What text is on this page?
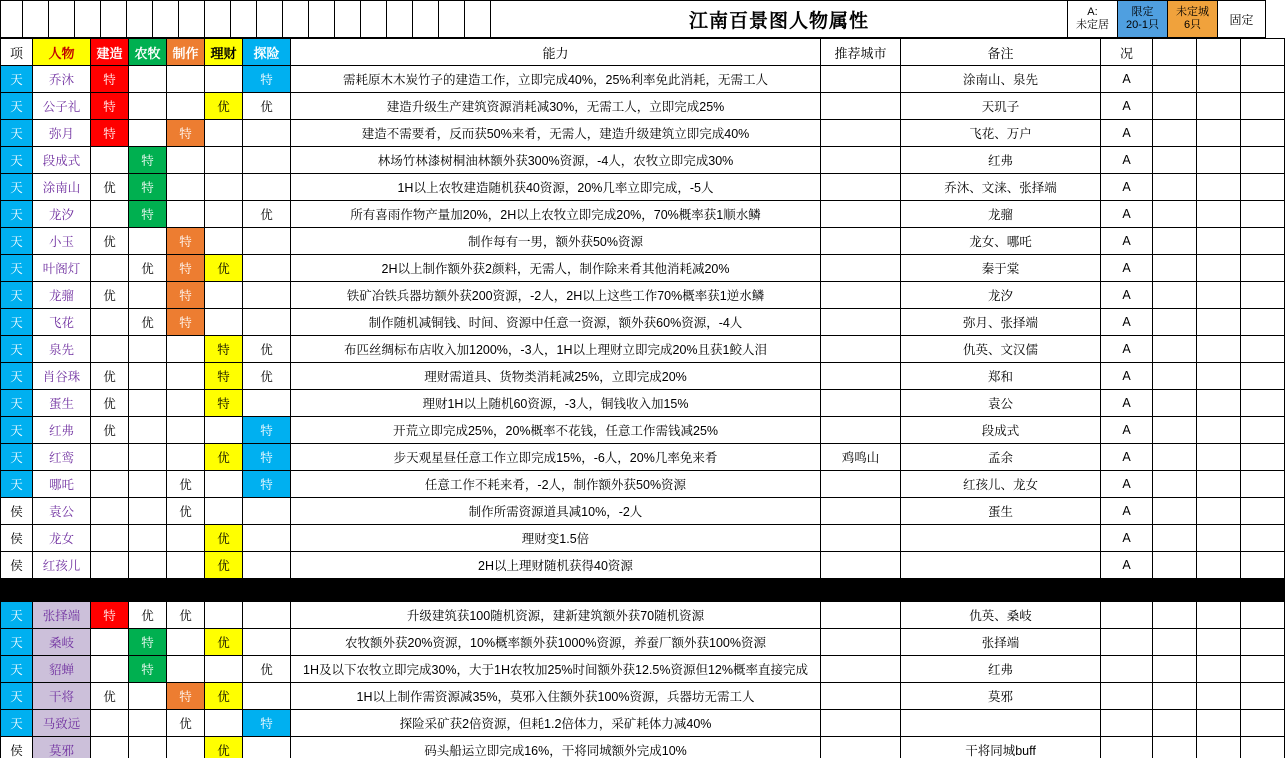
																			江南百景图人物属性	A:
未定居

限定
20-1只

未定城
6只	固定
项	人物	建造	农牧	制作	理财	探险	能力	推荐城市	备注	况			
天	乔沐	特				特	需耗原木木炭竹子的建造工作，立即完成40%，25%利率免此消耗，无需工人		涂南山、泉先	A			
天	公子礼	特			优	优	建造升级生产建筑资源消耗减30%，无需工人，立即完成25%		天玑子	A			
天	弥月	特		特			建造不需要肴，反而获50%来肴，无需人，建造升级建筑立即完成40%		飞花、万户	A			
天	段成式		特				林场竹林漆树桐油林额外获300%资源，-4人，农牧立即完成30%		红弗	A			
天	涂南山	优	特				1H以上农牧建造随机获40资源，20%几率立即完成，-5人		乔沐、文涞、张择端	A			
天	龙汐		特			优	所有喜雨作物产量加20%，2H以上农牧立即完成20%，70%概率获1顺水鳞		龙骝	A			
天	小玉	优		特			制作每有一男，额外获50%资源		龙女、哪吒	A			
天	叶阁灯		优	特	优		2H以上制作额外获2颜料，无需人，制作除来肴其他消耗减20%		秦于棠	A			
天	龙骝	优		特			铁矿冶铁兵器坊额外获200资源，-2人，2H以上这些工作70%概率获1逆水鳞		龙汐	A			
天	飞花		优	特			制作随机减铜钱、时间、资源中任意一资源，额外获60%资源，-4人		弥月、张择端	A			
天	泉先				特	优	布匹丝绸标布店收入加1200%，-3人，1H以上理财立即完成20%且获1鲛人泪		仇英、文汉儒	A			
天	肖谷珠	优			特	优	理财需道具、货物类消耗减25%，立即完成20%		郑和	A			
天	蛋生	优			特		理财1H以上随机60资源，-3人，铜钱收入加15%		袁公	A			
天	红弗	优				特	开荒立即完成25%，20%概率不花钱，任意工作需钱减25%		段成式	A			
天	红鸾				优	特	步天观星昼任意工作立即完成15%，-6人，20%几率免来肴	鸡鸣山	孟余	A			
天	哪吒			优		特	任意工作不耗来肴，-2人，制作额外获50%资源		红孩儿、龙女	A			
侯	袁公			优			制作所需资源道具减10%，-2人		蛋生	A			
侯	龙女				优		理财变1.5倍			A			
侯	红孩儿				优		2H以上理财随机获得40资源			A			

天	张择端	特	优	优			升级建筑获100随机资源，建新建筑额外获70随机资源		仇英、桑岐				
天	桑岐		特		优		农牧额外获20%资源，10%概率额外获1000%资源，养蚕厂额外获100%资源		张择端				
天	貂蝉		特			优	1H及以下农牧立即完成30%，大于1H农牧加25%时间额外获12.5%资源但12%概率直接完成		红弗				
天	干将	优		特	优		1H以上制作需资源减35%，莫邪入住额外获100%资源，兵器坊无需工人		莫邪				
天	马致远			优		特	探险采矿获2倍资源，但耗1.2倍体力，采矿耗体力减40%						
侯	莫邪				优		码头船运立即完成16%，干将同城额外完成10%		干将同城buff				
